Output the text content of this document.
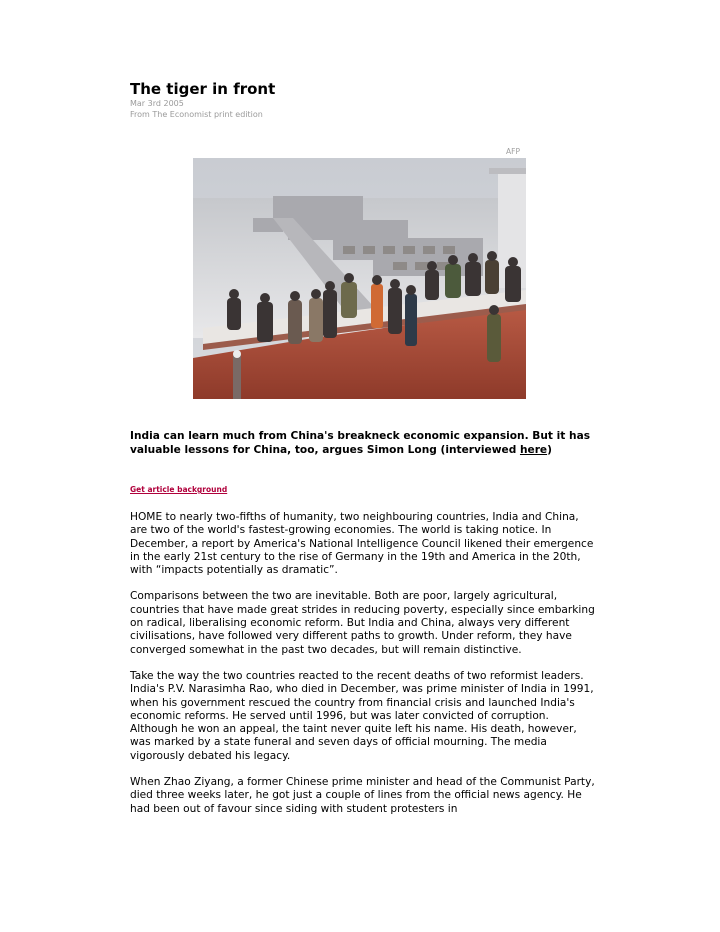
The tiger in front
Mar 3rd 2005
From The Economist print edition
AFP
India can learn much from China's breakneck economic expansion. But it has valuable lessons for China, too, argues Simon Long (interviewed here)
Get article background

HOME to nearly two-fifths of humanity, two neighbouring countries, India and China, are two of the world's fastest-growing economies. The world is taking notice. In December, a report by America's National Intelligence Council likened their emergence in the early 21st century to the rise of Germany in the 19th and America in the 20th, with “impacts potentially as dramatic”.

Comparisons between the two are inevitable. Both are poor, largely agricultural, countries that have made great strides in reducing poverty, especially since embarking on radical, liberalising economic reform. But India and China, always very different civilisations, have followed very different paths to growth. Under reform, they have converged somewhat in the past two decades, but will remain distinctive.

Take the way the two countries reacted to the recent deaths of two reformist leaders. India's P.V. Narasimha Rao, who died in December, was prime minister of India in 1991, when his government rescued the country from financial crisis and launched India's economic reforms. He served until 1996, but was later convicted of corruption. Although he won an appeal, the taint never quite left his name. His death, however, was marked by a state funeral and seven days of official mourning. The media vigorously debated his legacy.

When Zhao Ziyang, a former Chinese prime minister and head of the Communist Party, died three weeks later, he got just a couple of lines from the official news agency. He had been out of favour since siding with student protesters in
